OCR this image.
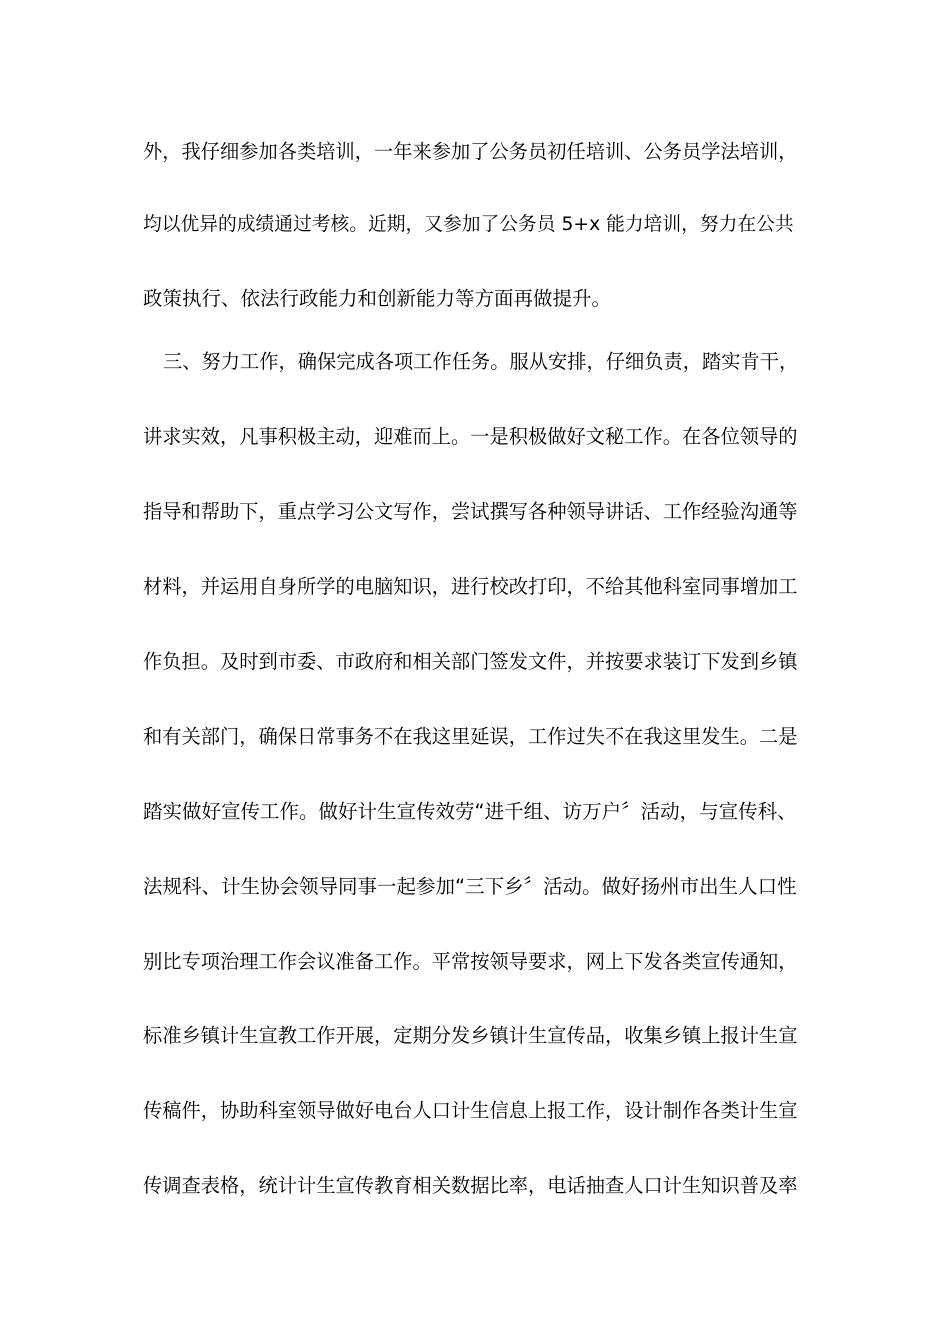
外，我仔细参加各类培训，一年来参加了公务员初任培训、公务员学法培训，
均以优异的成绩通过考核。近期，又参加了公务员 5+x 能力培训，努力在公共
政策执行、依法行政能力和创新能力等方面再做提升。
三、努力工作，确保完成各项工作任务。服从安排，仔细负责，踏实肯干，
讲求实效，凡事积极主动，迎难而上。一是积极做好文秘工作。在各位领导的
指导和帮助下，重点学习公文写作，尝试撰写各种领导讲话、工作经验沟通等
材料，并运用自身所学的电脑知识，进行校改打印，不给其他科室同事增加工
作负担。及时到市委、市政府和相关部门签发文件，并按要求装订下发到乡镇
和有关部门，确保日常事务不在我这里延误，工作过失不在我这里发生。二是
踏实做好宣传工作。做好计生宣传效劳“进千组、访万户〞活动，与宣传科、
法规科、计生协会领导同事一起参加“三下乡〞活动。做好扬州市出生人口性
别比专项治理工作会议准备工作。平常按领导要求，网上下发各类宣传通知，
标准乡镇计生宣教工作开展，定期分发乡镇计生宣传品，收集乡镇上报计生宣
传稿件，协助科室领导做好电台人口计生信息上报工作，设计制作各类计生宣
传调查表格，统计计生宣传教育相关数据比率，电话抽查人口计生知识普及率
